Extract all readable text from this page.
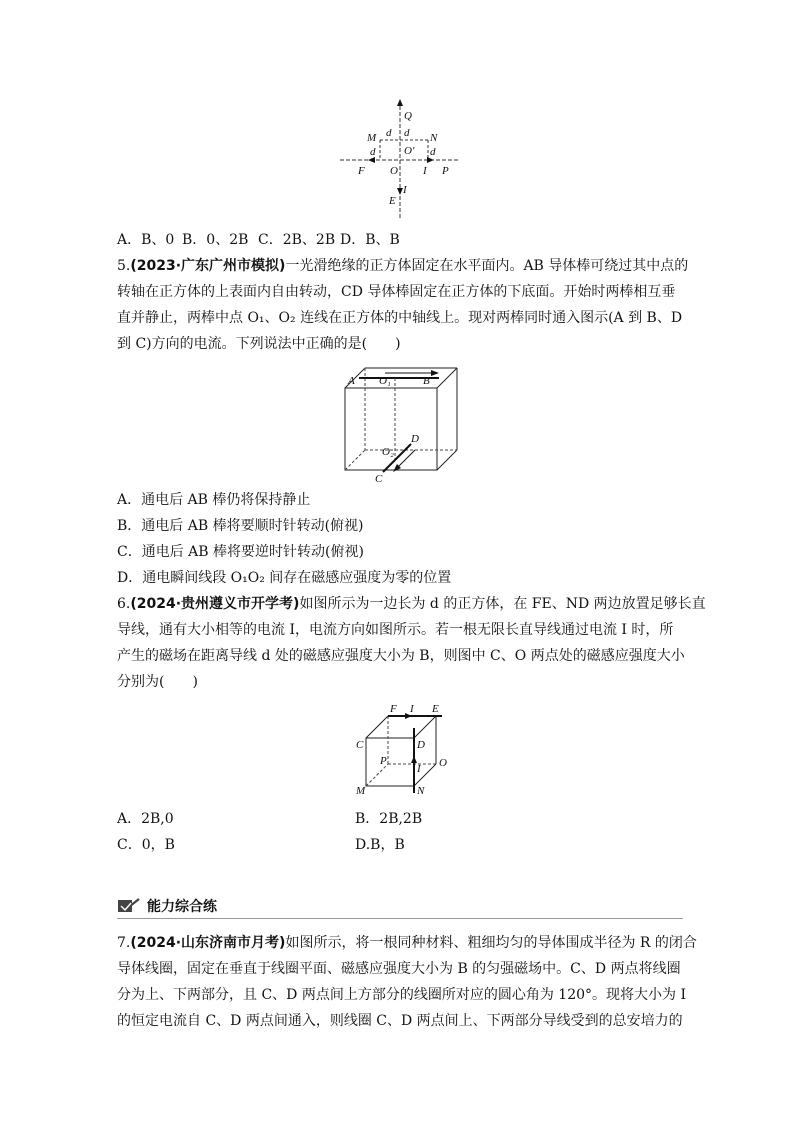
Q
M	N
d d
d	d
O′
O
F	I P
I
E
A．B、0 B．0、2B C．2B、2B D．B、B
5.(2023·广东广州市模拟)一光滑绝缘的正方体固定在水平面内。AB 导体棒可绕过其中点的
转轴在正方体的上表面内自由转动，CD 导体棒固定在正方体的下底面。开始时两棒相互垂
直并静止，两棒中点 O₁、O₂ 连线在正方体的中轴线上。现对两棒同时通入图示(A 到 B、D
到 C)方向的电流。下列说法中正确的是(　　)
A O₁	B
D
O₂
C
A．通电后 AB 棒仍将保持静止
B．通电后 AB 棒将要顺时针转动(俯视)
C．通电后 AB 棒将要逆时针转动(俯视)
D．通电瞬间线段 O₁O₂ 间存在磁感应强度为零的位置
6.(2024·贵州遵义市开学考)如图所示为一边长为 d 的正方体，在 FE、ND 两边放置足够长直
导线，通有大小相等的电流 I，电流方向如图所示。若一根无限长直导线通过电流 I 时，所
产生的磁场在距离导线 d 处的磁感应强度大小为 B，则图中 C、O 两点处的磁感应强度大小
分别为(　　)
F I E
C	D
P
I O
M	N
A．2B,0	B．2B,2B
C．0，B	D.B，B
能力综合练
7.(2024·山东济南市月考)如图所示，将一根同种材料、粗细均匀的导体围成半径为 R 的闭合
导体线圈，固定在垂直于线圈平面、磁感应强度大小为 B 的匀强磁场中。C、D 两点将线圈
分为上、下两部分，且 C、D 两点间上方部分的线圈所对应的圆心角为 120°。现将大小为 I
的恒定电流自 C、D 两点间通入，则线圈 C、D 两点间上、下两部分导线受到的总安培力的
